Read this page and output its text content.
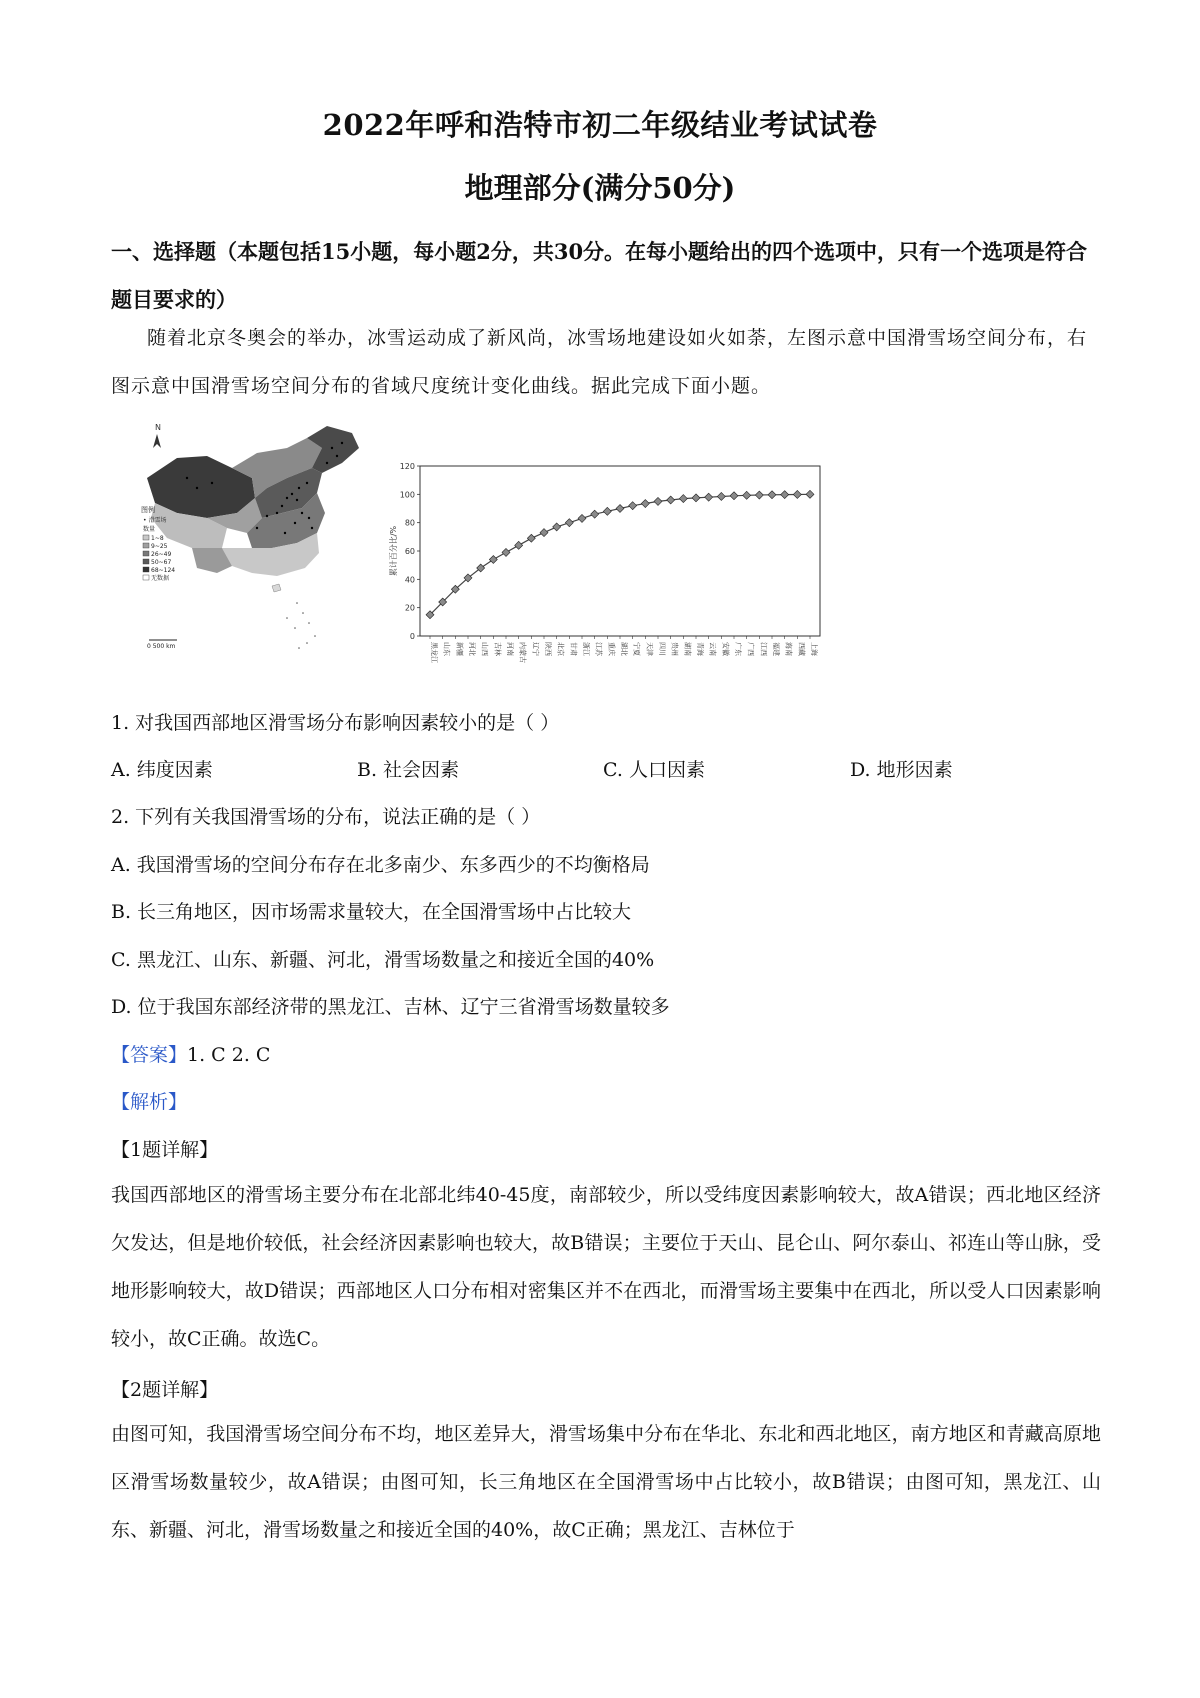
2022年呼和浩特市初二年级结业考试试卷
地理部分(满分50分)
一、选择题（本题包括15小题，每小题2分，共30分。在每小题给出的四个选项中，只有一个选项是符合题目要求的）
随着北京冬奥会的举办，冰雪运动成了新风尚，冰雪场地建设如火如荼，左图示意中国滑雪场空间分布，右图示意中国滑雪场空间分布的省域尺度统计变化曲线。据此完成下面小题。
N
图例
• 滑雪场
数量
1~8
9~25
26~49
50~67
68~124
无数据
0 500 km
0
20
40
60
80
100
120
累计百分比/%
黑龙江 山东 新疆 河北 山西 吉林 河南 内蒙古 辽宁 陕西 北京 甘肃 浙江 江苏 重庆 湖北 宁夏 天津 四川 贵州 湖南 青海 云南 安徽 广东 广西 江西 福建 海南 西藏 上海
1. 对我国西部地区滑雪场分布影响因素较小的是（ ）
A. 纬度因素	B. 社会因素	C. 人口因素	D. 地形因素
2. 下列有关我国滑雪场的分布，说法正确的是（ ）
A. 我国滑雪场的空间分布存在北多南少、东多西少的不均衡格局
B. 长三角地区，因市场需求量较大，在全国滑雪场中占比较大
C. 黑龙江、山东、新疆、河北，滑雪场数量之和接近全国的40%
D. 位于我国东部经济带的黑龙江、吉林、辽宁三省滑雪场数量较多
【答案】1. C 2. C
【解析】
【1题详解】
我国西部地区的滑雪场主要分布在北部北纬40-45度，南部较少，所以受纬度因素影响较大，故A错误；西北地区经济欠发达，但是地价较低，社会经济因素影响也较大，故B错误；主要位于天山、昆仑山、阿尔泰山、祁连山等山脉，受地形影响较大，故D错误；西部地区人口分布相对密集区并不在西北，而滑雪场主要集中在西北，所以受人口因素影响较小，故C正确。故选C。
【2题详解】
由图可知，我国滑雪场空间分布不均，地区差异大，滑雪场集中分布在华北、东北和西北地区，南方地区和青藏高原地区滑雪场数量较少，故A错误；由图可知，长三角地区在全国滑雪场中占比较小，故B错误；由图可知，黑龙江、山东、新疆、河北，滑雪场数量之和接近全国的40%，故C正确；黑龙江、吉林位于
